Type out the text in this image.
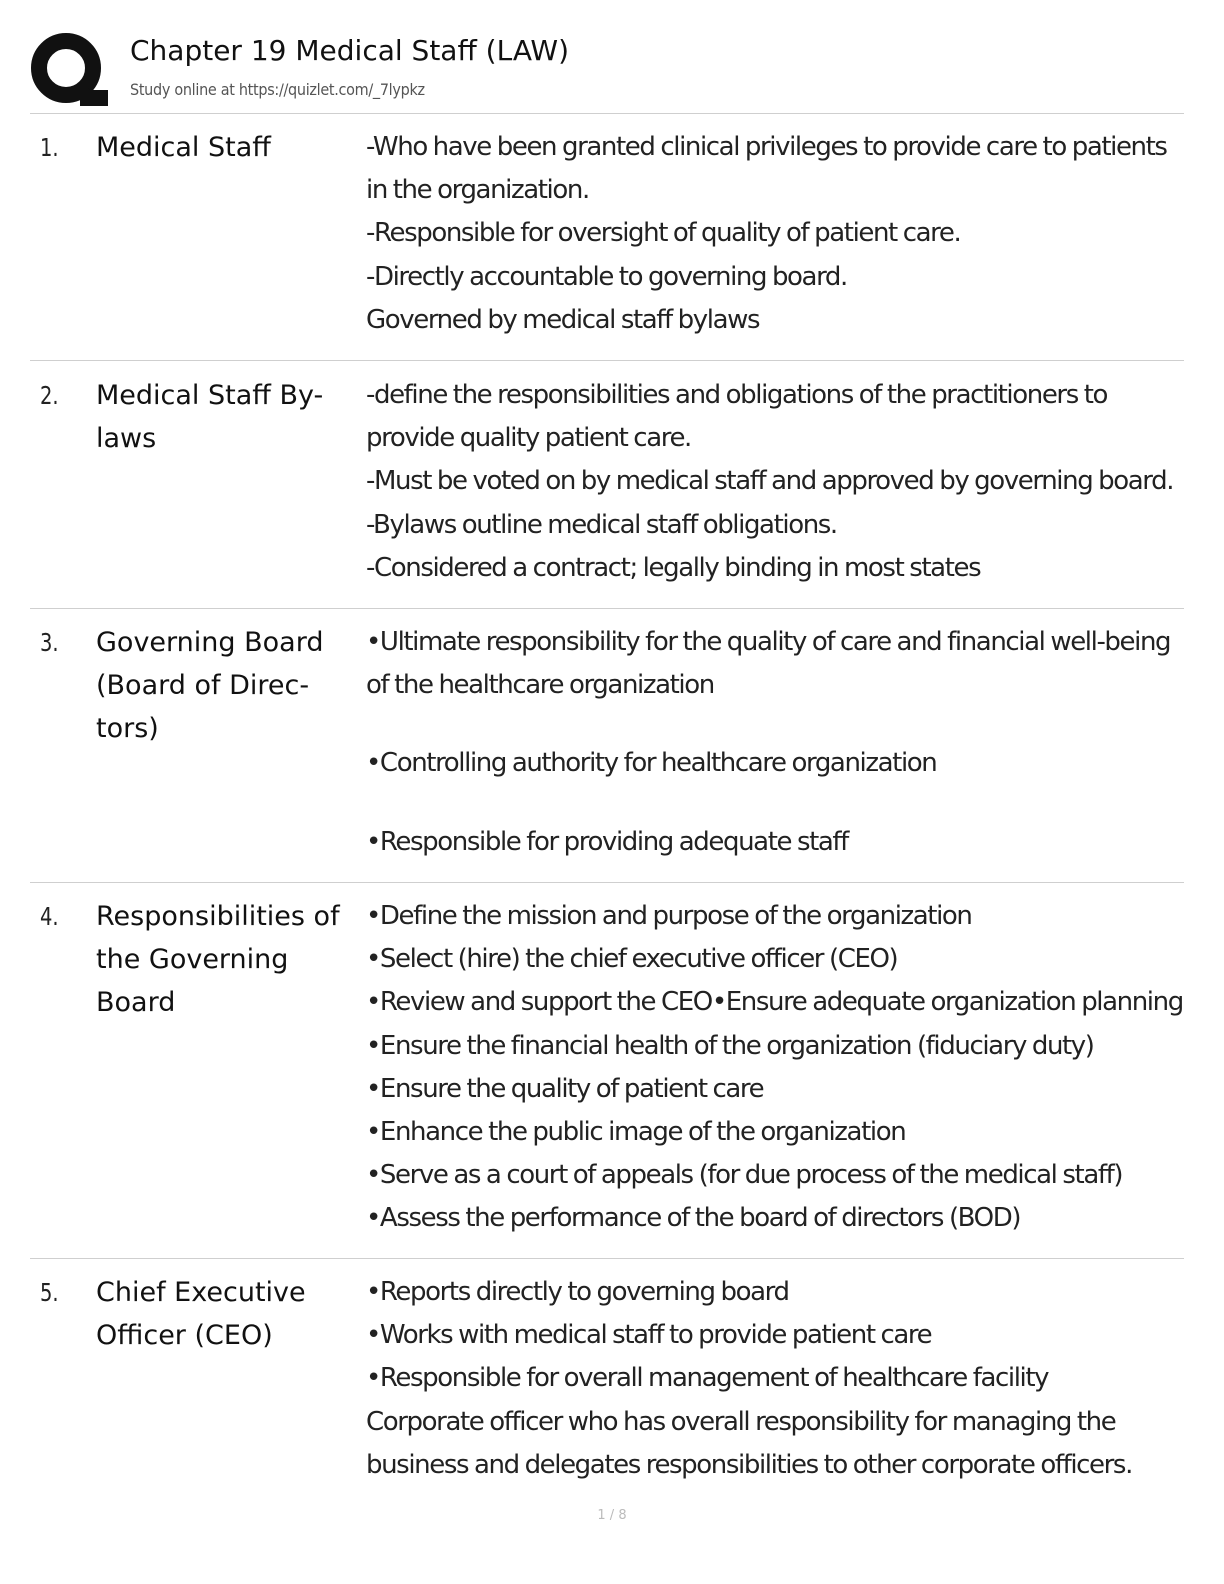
Chapter 19 Medical Staff (LAW)
Study online at https://quizlet.com/_7lypkz
1. Medical Staff	-Who have been granted clinical privileges to provide care to patients in the organization.
-Responsible for oversight of quality of patient care.
-Directly accountable to governing board.
Governed by medical staff bylaws
2. Medical Staff By-laws
-define the responsibilities and obligations of the practitioners to provide quality patient care.
-Must be voted on by medical staff and approved by governing board.
-Bylaws outline medical staff obligations.
-Considered a contract; legally binding in most states
3. Governing Board (Board of Direc-tors)
•Ultimate responsibility for the quality of care and financial well-being of the healthcare organization
•Controlling authority for healthcare organization
•Responsible for providing adequate staff
4. Responsibilities of the Governing Board
•Define the mission and purpose of the organization
•Select (hire) the chief executive officer (CEO)
•Review and support the CEO•Ensure adequate organization planning
•Ensure the financial health of the organization (fiduciary duty)
•Ensure the quality of patient care
•Enhance the public image of the organization
•Serve as a court of appeals (for due process of the medical staff)
•Assess the performance of the board of directors (BOD)
5. Chief Executive Officer (CEO)
•Reports directly to governing board
•Works with medical staff to provide patient care
•Responsible for overall management of healthcare facility
Corporate officer who has overall responsibility for managing the business and delegates responsibilities to other corporate officers.
1 / 8
